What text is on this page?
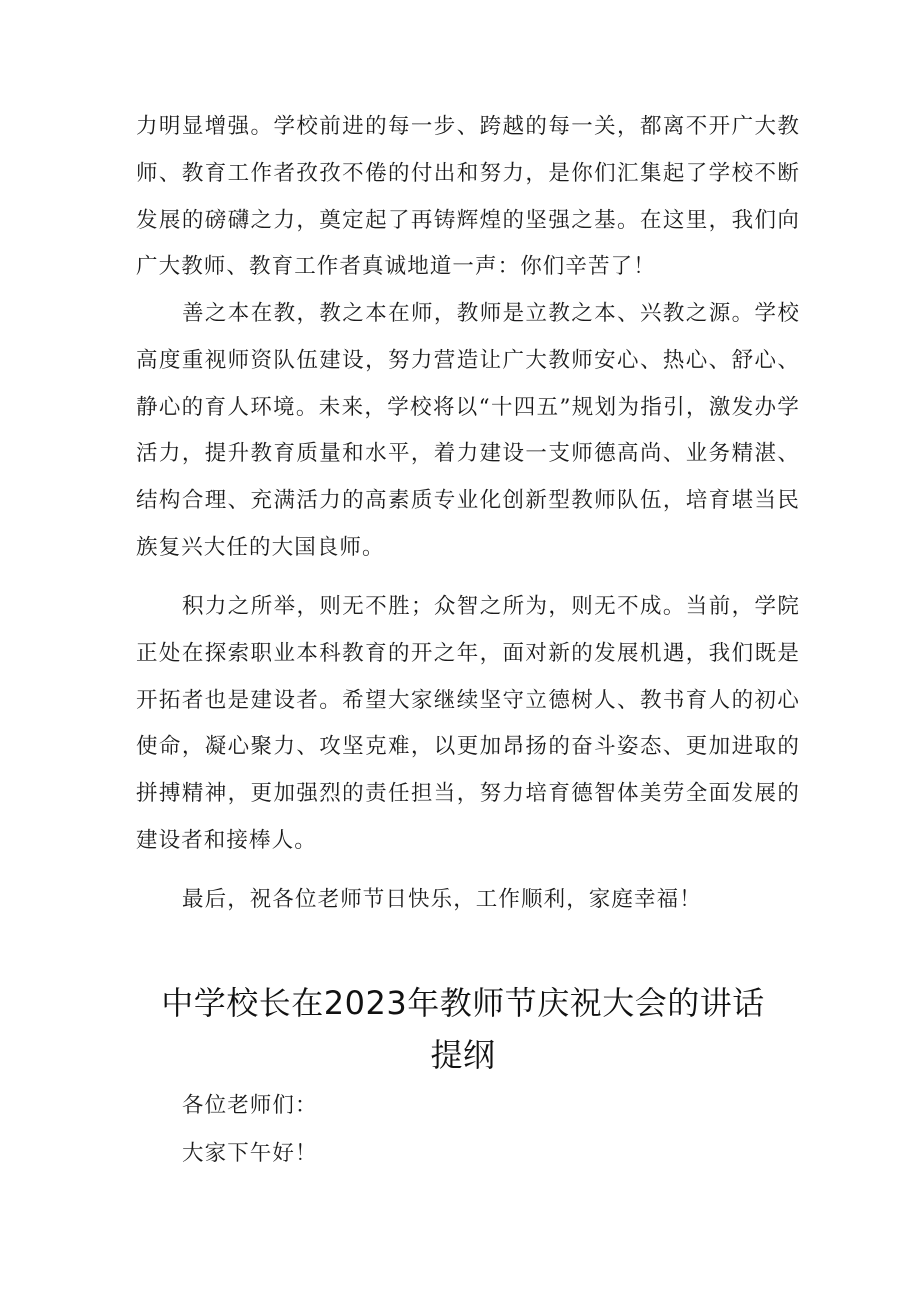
力明显增强。学校前进的每一步、跨越的每一关，都离不开广大教师、教育工作者孜孜不倦的付出和努力，是你们汇集起了学校不断发展的磅礴之力，奠定起了再铸辉煌的坚强之基。在这里，我们向广大教师、教育工作者真诚地道一声：你们辛苦了！

善之本在教，教之本在师，教师是立教之本、兴教之源。学校高度重视师资队伍建设，努力营造让广大教师安心、热心、舒心、静心的育人环境。未来，学校将以“十四五”规划为指引，激发办学活力，提升教育质量和水平，着力建设一支师德高尚、业务精湛、结构合理、充满活力的高素质专业化创新型教师队伍，培育堪当民族复兴大任的大国良师。

积力之所举，则无不胜；众智之所为，则无不成。当前，学院正处在探索职业本科教育的开之年，面对新的发展机遇，我们既是开拓者也是建设者。希望大家继续坚守立德树人、教书育人的初心使命，凝心聚力、攻坚克难，以更加昂扬的奋斗姿态、更加进取的拼搏精神，更加强烈的责任担当，努力培育德智体美劳全面发展的建设者和接棒人。

最后，祝各位老师节日快乐，工作顺利，家庭幸福！

中学校长在2023年教师节庆祝大会的讲话
提纲

各位老师们：

大家下午好！
